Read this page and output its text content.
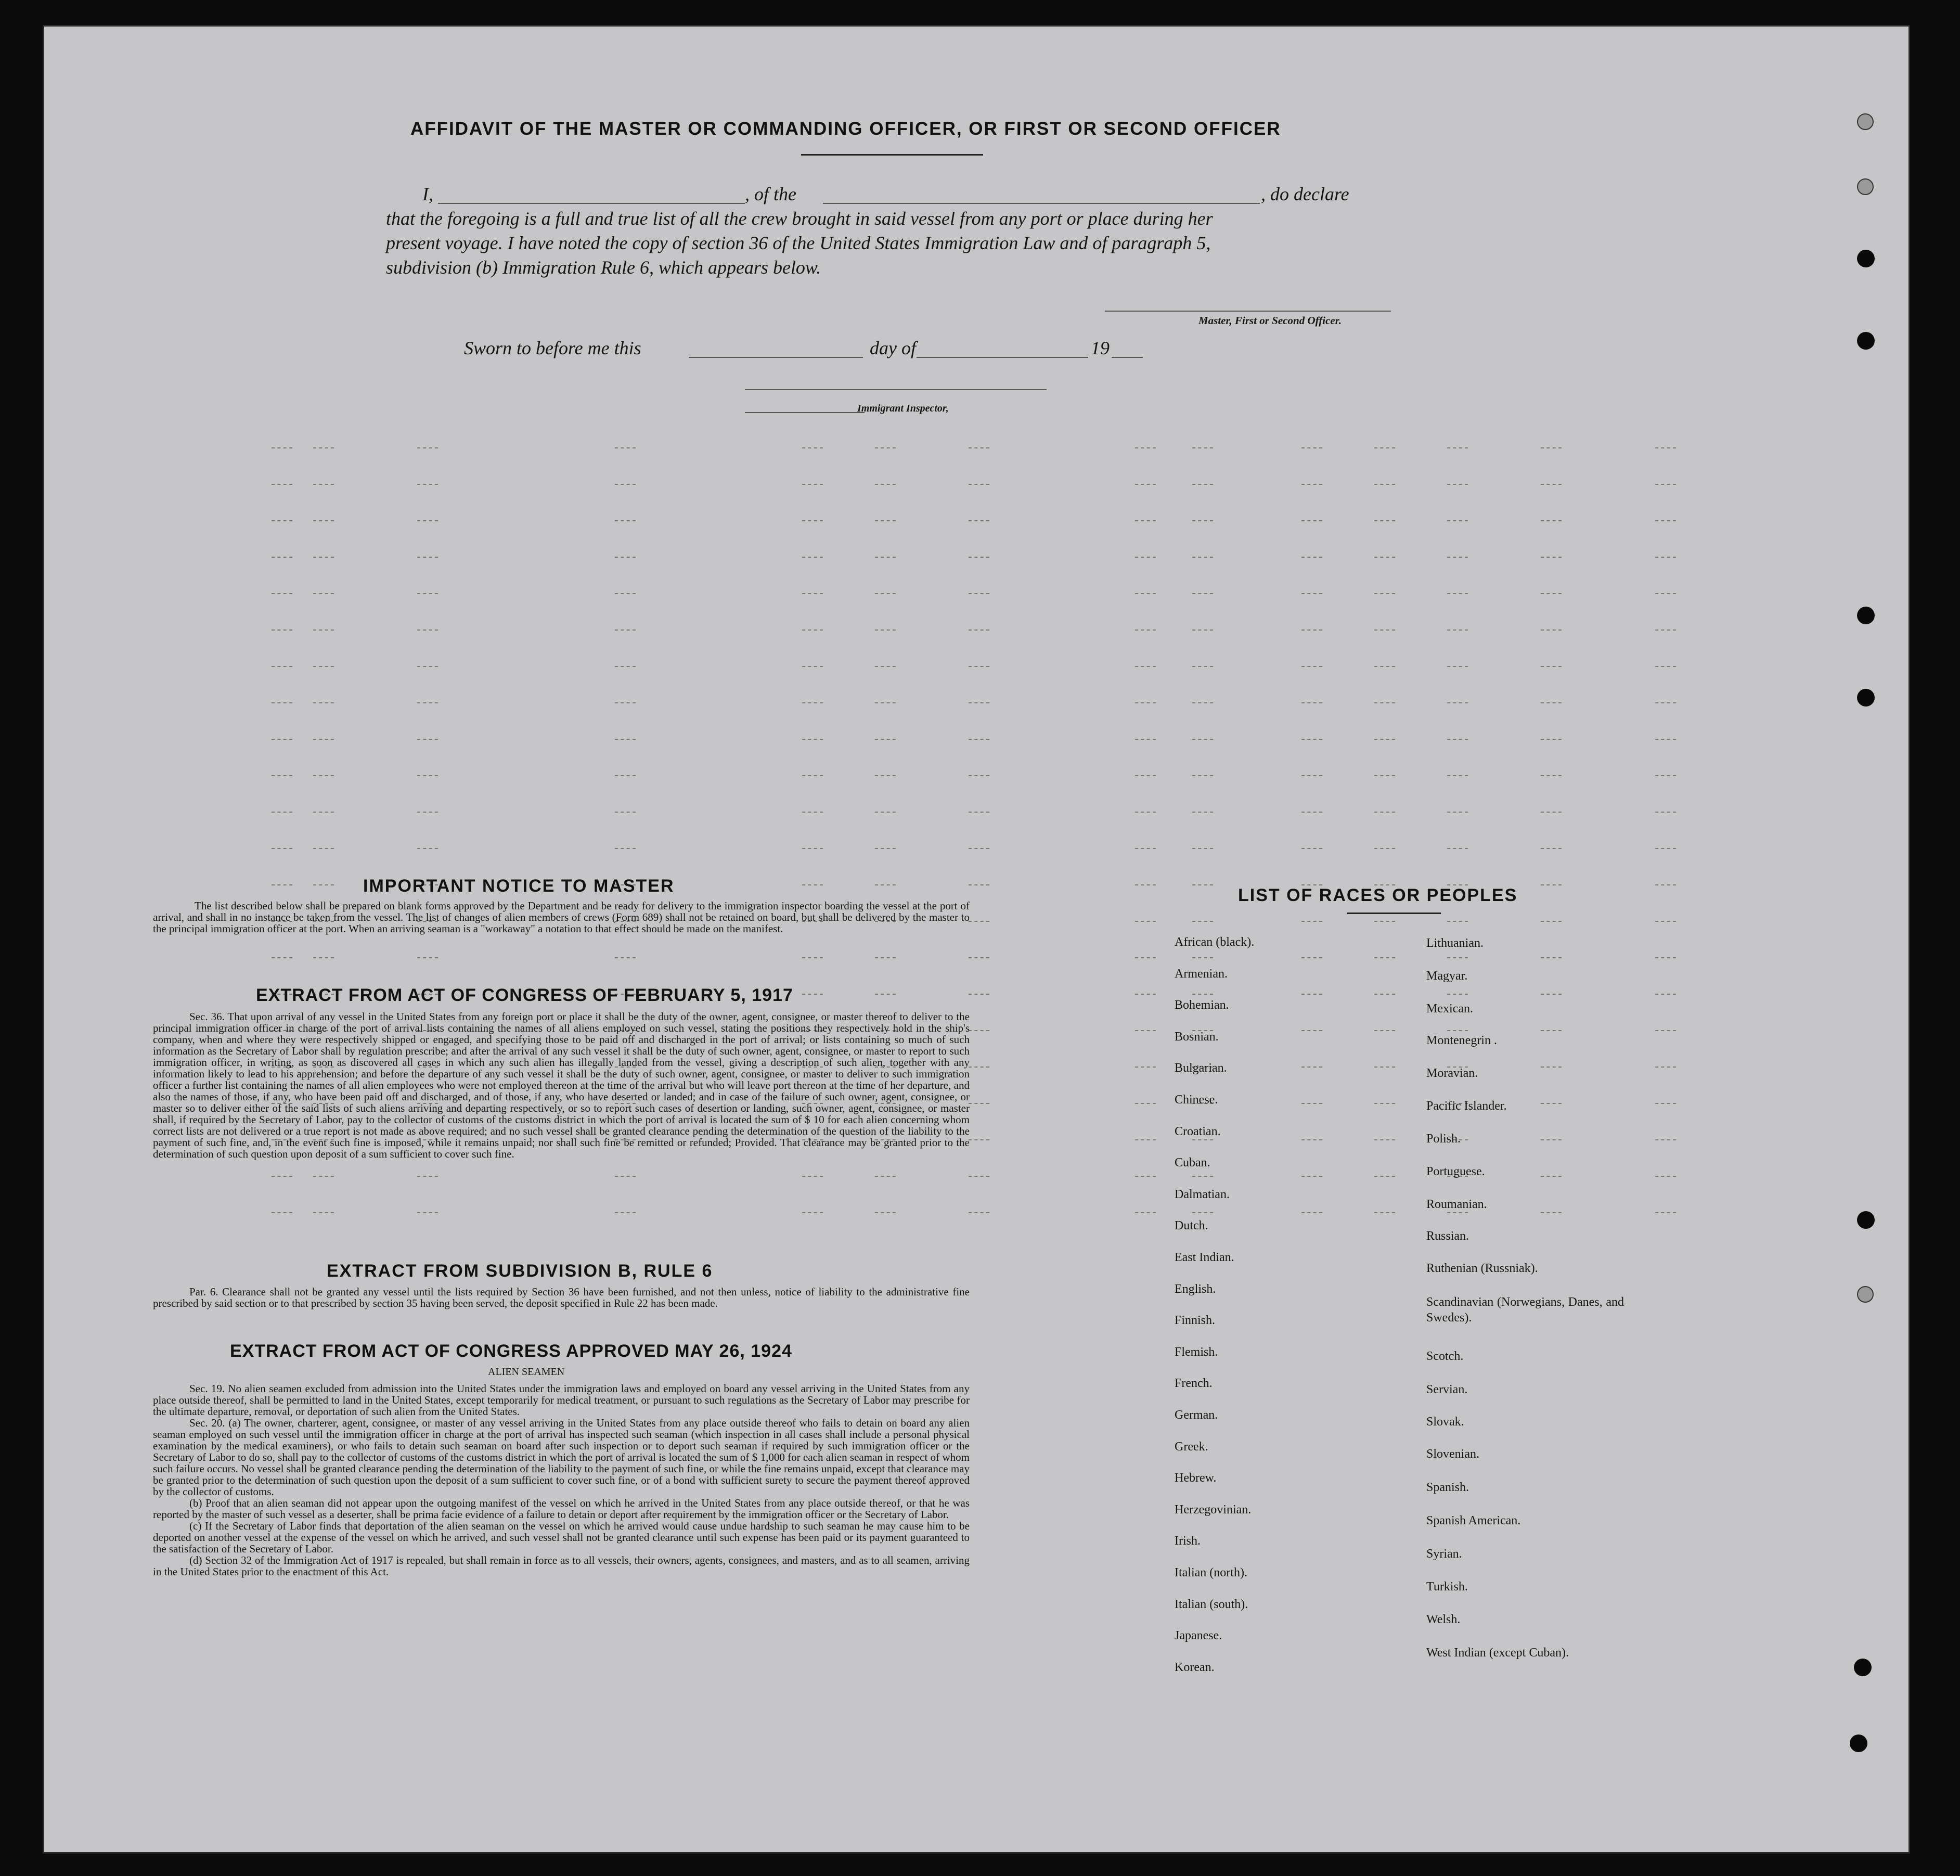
AFFIDAVIT OF THE MASTER OR COMMANDING OFFICER, OR FIRST OR SECOND OFFICER
I,	, of the	, do declare
that the foregoing is a full and true list of all the crew brought in said vessel from any port or place during her
present voyage. I have noted the copy of section 36 of the United States Immigration Law and of paragraph 5,
subdivision (b) Immigration Rule 6, which appears below.
Master, First or Second Officer.
Sworn to before me this	day of	19
Immigrant Inspector,
IMPORTANT NOTICE TO MASTER
The list described below shall be prepared on blank forms approved by the Department and be ready for delivery to the immigration inspector boarding the vessel at the port of arrival, and shall in no instance be taken from the vessel. The list of changes of alien members of crews (Form 689) shall not be retained on board, but shall be delivered by the master to the principal immigration officer at the port. When an arriving seaman is a "workaway" a notation to that effect should be made on the manifest.
EXTRACT FROM ACT OF CONGRESS OF FEBRUARY 5, 1917
Sec. 36. That upon arrival of any vessel in the United States from any foreign port or place it shall be the duty of the owner, agent, consignee, or master thereof to deliver to the principal immigration officer in charge of the port of arrival lists containing the names of all aliens employed on such vessel, stating the positions they respectively hold in the ship's company, when and where they were respectively shipped or engaged, and specifying those to be paid off and discharged in the port of arrival; or lists containing so much of such information as the Secretary of Labor shall by regulation prescribe; and after the arrival of any such vessel it shall be the duty of such owner, agent, consignee, or master to report to such immigration officer, in writing, as soon as discovered all cases in which any such alien has illegally landed from the vessel, giving a description of such alien, together with any information likely to lead to his apprehension; and before the departure of any such vessel it shall be the duty of such owner, agent, consignee, or master to deliver to such immigration officer a further list containing the names of all alien employees who were not employed thereon at the time of the arrival but who will leave port thereon at the time of her departure, and also the names of those, if any, who have been paid off and discharged, and of those, if any, who have deserted or landed; and in case of the failure of such owner, agent, consignee, or master so to deliver either of the said lists of such aliens arriving and departing respectively, or so to report such cases of desertion or landing, such owner, agent, consignee, or master shall, if required by the Secretary of Labor, pay to the collector of customs of the customs district in which the port of arrival is located the sum of $ 10 for each alien concerning whom correct lists are not delivered or a true report is not made as above required; and no such vessel shall be granted clearance pending the determination of the question of the liability to the payment of such fine, and, in the event such fine is imposed, while it remains unpaid; nor shall such fine be remitted or refunded; Provided. That clearance may be granted prior to the determination of such question upon deposit of a sum sufficient to cover such fine.
EXTRACT FROM SUBDIVISION B, RULE 6
Par. 6. Clearance shall not be granted any vessel until the lists required by Section 36 have been furnished, and not then unless, notice of liability to the administrative fine prescribed by said section or to that prescribed by section 35 having been served, the deposit specified in Rule 22 has been made.
EXTRACT FROM ACT OF CONGRESS APPROVED MAY 26, 1924
ALIEN SEAMEN
Sec. 19. No alien seamen excluded from admission into the United States under the immigration laws and employed on board any vessel arriving in the United States from any place outside thereof, shall be permitted to land in the United States, except temporarily for medical treatment, or pursuant to such regulations as the Secretary of Labor may prescribe for the ultimate departure, removal, or deportation of such alien from the United States.
Sec. 20. (a) The owner, charterer, agent, consignee, or master of any vessel arriving in the United States from any place outside thereof who fails to detain on board any alien seaman employed on such vessel until the immigration officer in charge at the port of arrival has inspected such seaman (which inspection in all cases shall include a personal physical examination by the medical examiners), or who fails to detain such seaman on board after such inspection or to deport such seaman if required by such immigration officer or the Secretary of Labor to do so, shall pay to the collector of customs of the customs district in which the port of arrival is located the sum of $ 1,000 for each alien seaman in respect of whom such failure occurs. No vessel shall be granted clearance pending the determination of the liability to the payment of such fine, or while the fine remains unpaid, except that clearance may be granted prior to the determination of such question upon the deposit of a sum sufficient to cover such fine, or of a bond with sufficient surety to secure the payment thereof approved by the collector of customs.
(b) Proof that an alien seaman did not appear upon the outgoing manifest of the vessel on which he arrived in the United States from any place outside thereof, or that he was reported by the master of such vessel as a deserter, shall be prima facie evidence of a failure to detain or deport after requirement by the immigration officer or the Secretary of Labor.
(c) If the Secretary of Labor finds that deportation of the alien seaman on the vessel on which he arrived would cause undue hardship to such seaman he may cause him to be deported on another vessel at the expense of the vessel on which he arrived, and such vessel shall not be granted clearance until such expense has been paid or its payment guaranteed to the satisfaction of the Secretary of Labor.
(d) Section 32 of the Immigration Act of 1917 is repealed, but shall remain in force as to all vessels, their owners, agents, consignees, and masters, and as to all seamen, arriving in the United States prior to the enactment of this Act.
LIST OF RACES OR PEOPLES
African (black).
Armenian.
Bohemian.
Bosnian.
Bulgarian.
Chinese.
Croatian.
Cuban.
Dalmatian.
Dutch.
East Indian.
English.
Finnish.
Flemish.
French.
German.
Greek.
Hebrew.
Herzegovinian.
Irish.
Italian (north).
Italian (south).
Japanese.
Korean.
Lithuanian.
Magyar.
Mexican.
Montenegrin .
Moravian.
Pacific Islander.
Polish.
Portuguese.
Roumanian.
Russian.
Ruthenian (Russniak).
Scandinavian (Norwegians, Danes, and Swedes).
Scotch.
Servian.
Slovak.
Slovenian.
Spanish.
Spanish American.
Syrian.
Turkish.
Welsh.
West Indian (except Cuban).
